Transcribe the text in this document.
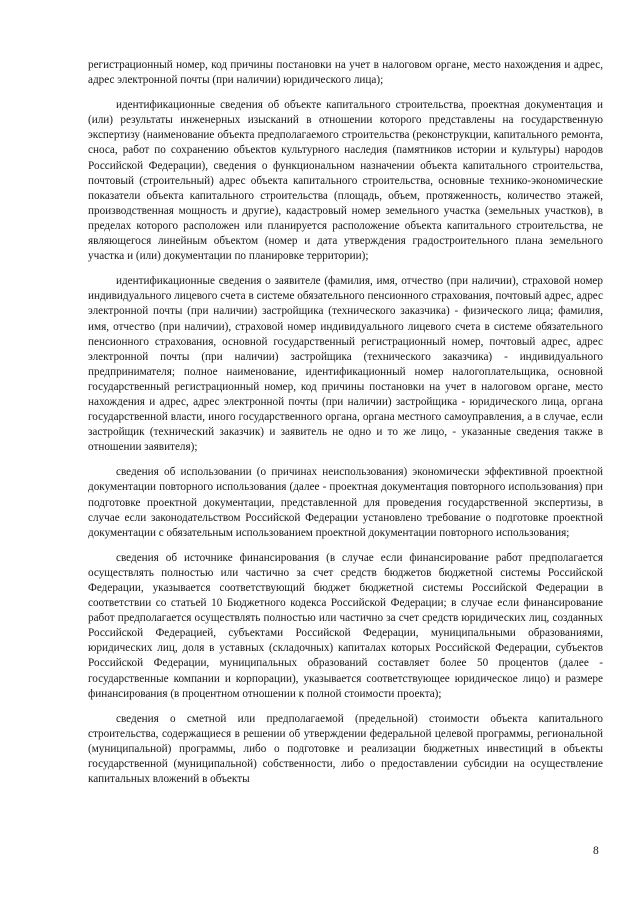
регистрационный номер, код причины постановки на учет в налоговом органе, место нахождения и адрес, адрес электронной почты (при наличии) юридического лица);

идентификационные сведения об объекте капитального строительства, проектная документация и (или) результаты инженерных изысканий в отношении которого представлены на государственную экспертизу (наименование объекта предполагаемого строительства (реконструкции, капитального ремонта, сноса, работ по сохранению объектов культурного наследия (памятников истории и культуры) народов Российской Федерации), сведения о функциональном назначении объекта капитального строительства, почтовый (строительный) адрес объекта капитального строительства, основные технико-экономические показатели объекта капитального строительства (площадь, объем, протяженность, количество этажей, производственная мощность и другие), кадастровый номер земельного участка (земельных участков), в пределах которого расположен или планируется расположение объекта капитального строительства, не являющегося линейным объектом (номер и дата утверждения градостроительного плана земельного участка и (или) документации по планировке территории);

идентификационные сведения о заявителе (фамилия, имя, отчество (при наличии), страховой номер индивидуального лицевого счета в системе обязательного пенсионного страхования, почтовый адрес, адрес электронной почты (при наличии) застройщика (технического заказчика) - физического лица; фамилия, имя, отчество (при наличии), страховой номер индивидуального лицевого счета в системе обязательного пенсионного страхования, основной государственный регистрационный номер, почтовый адрес, адрес электронной почты (при наличии) застройщика (технического заказчика) - индивидуального предпринимателя; полное наименование, идентификационный номер налогоплательщика, основной государственный регистрационный номер, код причины постановки на учет в налоговом органе, место нахождения и адрес, адрес электронной почты (при наличии) застройщика - юридического лица, органа государственной власти, иного государственного органа, органа местного самоуправления, а в случае, если застройщик (технический заказчик) и заявитель не одно и то же лицо, - указанные сведения также в отношении заявителя);

сведения об использовании (о причинах неиспользования) экономически эффективной проектной документации повторного использования (далее - проектная документация повторного использования) при подготовке проектной документации, представленной для проведения государственной экспертизы, в случае если законодательством Российской Федерации установлено требование о подготовке проектной документации с обязательным использованием проектной документации повторного использования;

сведения об источнике финансирования (в случае если финансирование работ предполагается осуществлять полностью или частично за счет средств бюджетов бюджетной системы Российской Федерации, указывается соответствующий бюджет бюджетной системы Российской Федерации в соответствии со статьей 10 Бюджетного кодекса Российской Федерации; в случае если финансирование работ предполагается осуществлять полностью или частично за счет средств юридических лиц, созданных Российской Федерацией, субъектами Российской Федерации, муниципальными образованиями, юридических лиц, доля в уставных (складочных) капиталах которых Российской Федерации, субъектов Российской Федерации, муниципальных образований составляет более 50 процентов (далее - государственные компании и корпорации), указывается соответствующее юридическое лицо) и размере финансирования (в процентном отношении к полной стоимости проекта);

сведения о сметной или предполагаемой (предельной) стоимости объекта капитального строительства, содержащиеся в решении об утверждении федеральной целевой программы, региональной (муниципальной) программы, либо о подготовке и реализации бюджетных инвестиций в объекты государственной (муниципальной) собственности, либо о предоставлении субсидии на осуществление капитальных вложений в объекты

8
